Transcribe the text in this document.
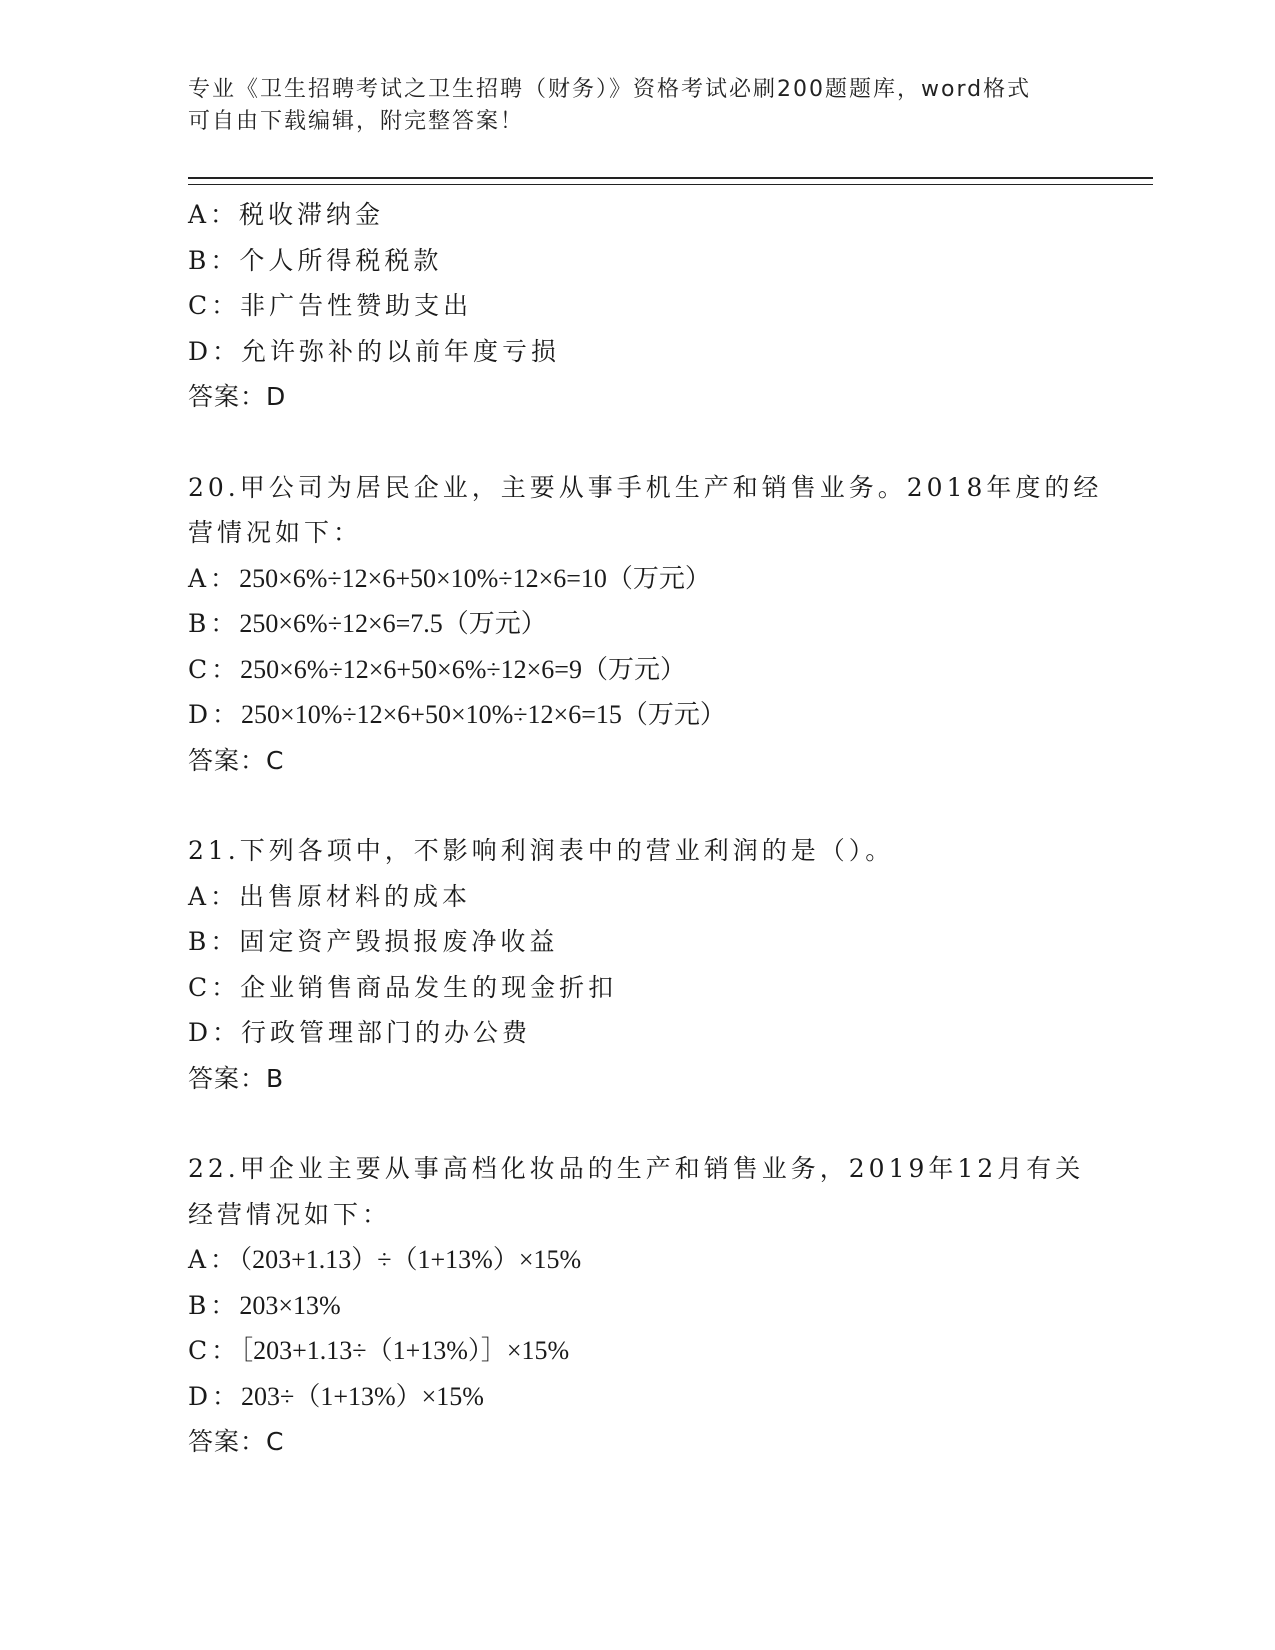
专业《卫生招聘考试之卫生招聘（财务）》资格考试必刷200题题库，word格式
可自由下载编辑，附完整答案！
A：税收滞纳金
B：个人所得税税款
C：非广告性赞助支出
D：允许弥补的以前年度亏损
答案：D
20.甲公司为居民企业，主要从事手机生产和销售业务。2018年度的经
营情况如下：
A：250×6%÷12×6+50×10%÷12×6=10（万元）
B：250×6%÷12×6=7.5（万元）
C：250×6%÷12×6+50×6%÷12×6=9（万元）
D：250×10%÷12×6+50×10%÷12×6=15（万元）
答案：C
21.下列各项中，不影响利润表中的营业利润的是（）。
A：出售原材料的成本
B：固定资产毁损报废净收益
C：企业销售商品发生的现金折扣
D：行政管理部门的办公费
答案：B
22.甲企业主要从事高档化妆品的生产和销售业务，2019年12月有关
经营情况如下：
A：（203+1.13）÷（1+13%）×15%
B：203×13%
C：［203+1.13÷（1+13%）］×15%
D：203÷（1+13%）×15%
答案：C
